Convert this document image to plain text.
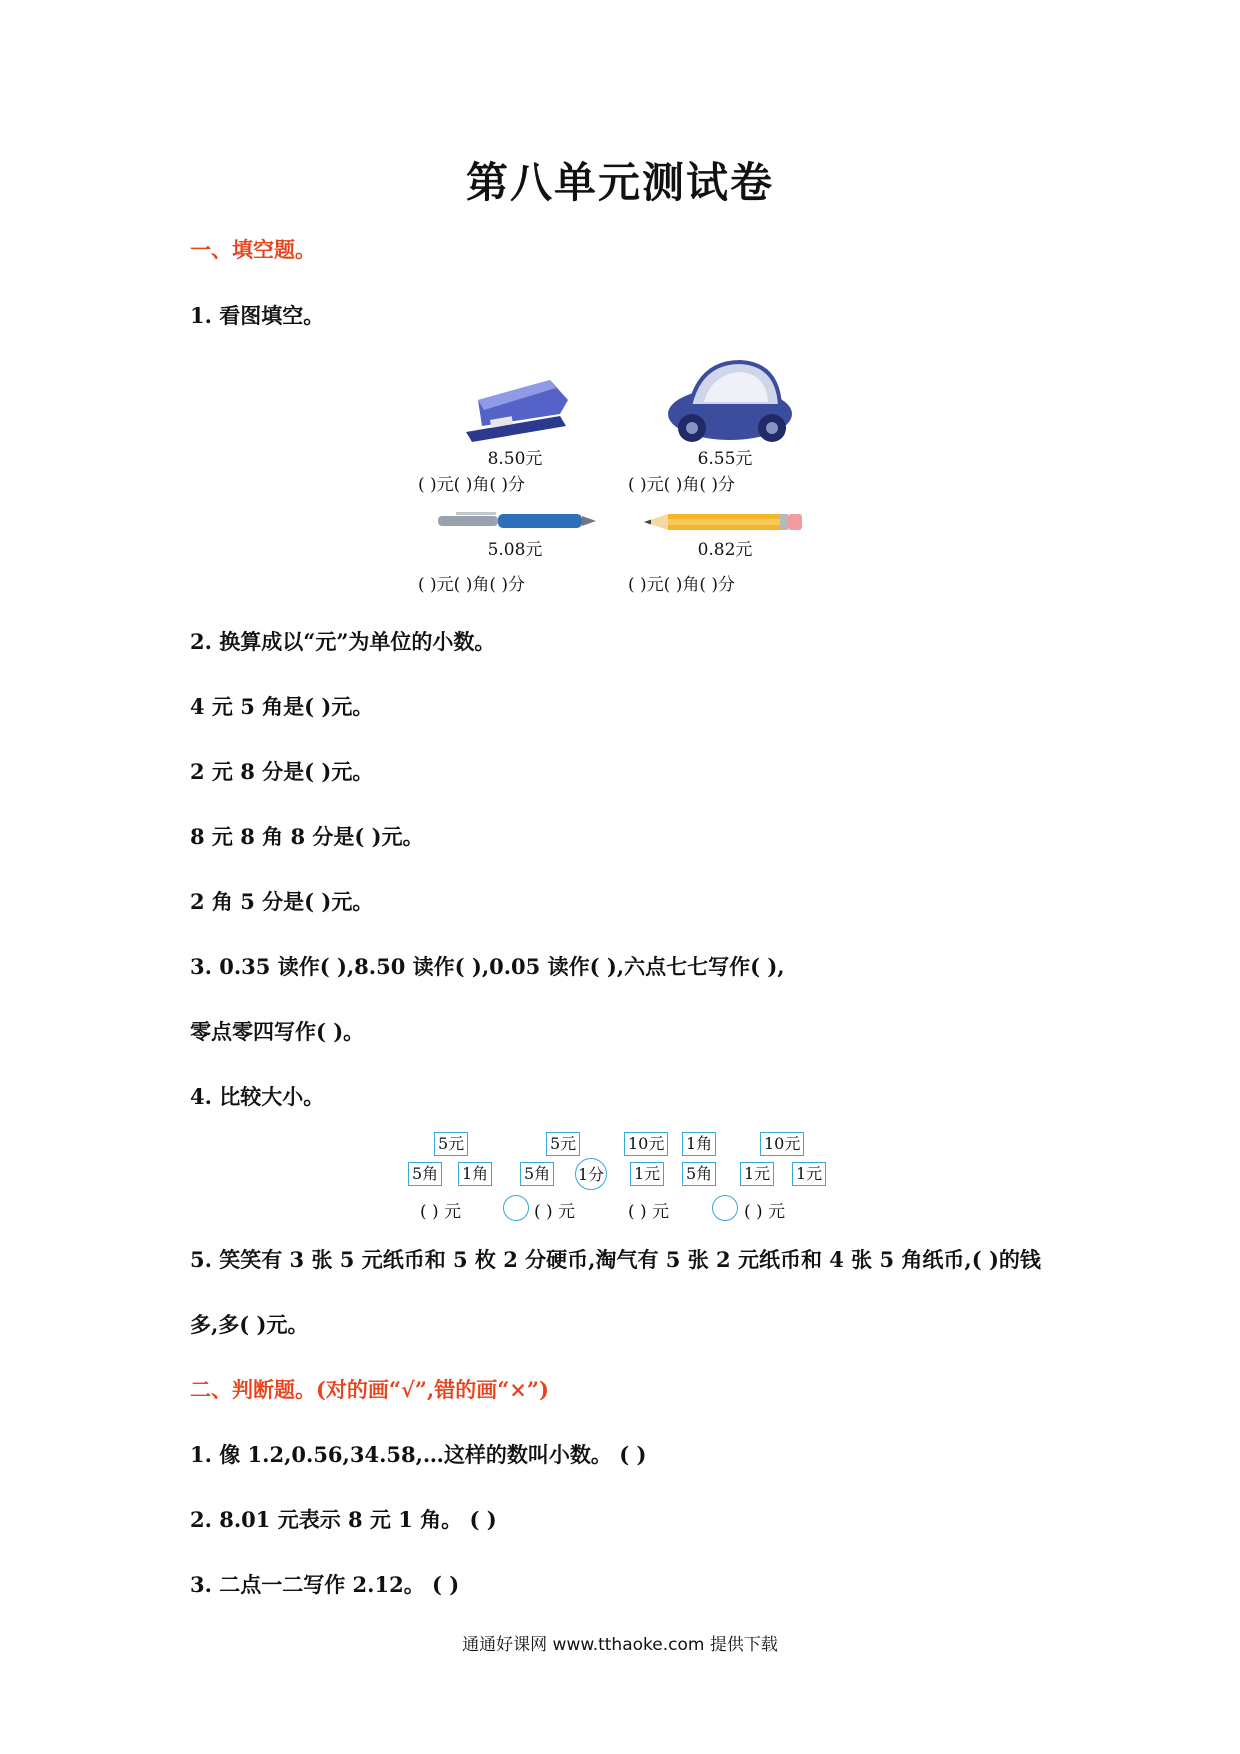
第八单元测试卷
一、填空题。
1. 看图填空。
8.50元	6.55元
( )元( )角( )分	( )元( )角( )分
5.08元	0.82元
( )元( )角( )分	( )元( )角( )分
2. 换算成以“元”为单位的小数。
4 元 5 角是( )元。
2 元 8 分是( )元。
8 元 8 角 8 分是( )元。
2 角 5 分是( )元。
3. 0.35 读作( ),8.50 读作( ),0.05 读作( ),六点七七写作( ),
零点零四写作( )。
4. 比较大小。
5元
5角 1角
5元
5角 1分
10元 1角
1元 5角
10元
1元 1元
( ) 元	( ) 元	( ) 元	( ) 元
5. 笑笑有 3 张 5 元纸币和 5 枚 2 分硬币,淘气有 5 张 2 元纸币和 4 张 5 角纸币,( )的钱
多,多( )元。
二、判断题。(对的画“√”,错的画“×”)
1. 像 1.2,0.56,34.58,…这样的数叫小数。 ( )
2. 8.01 元表示 8 元 1 角。 ( )
3. 二点一二写作 2.12。 ( )
通通好课网 www.tthaoke.com 提供下载
